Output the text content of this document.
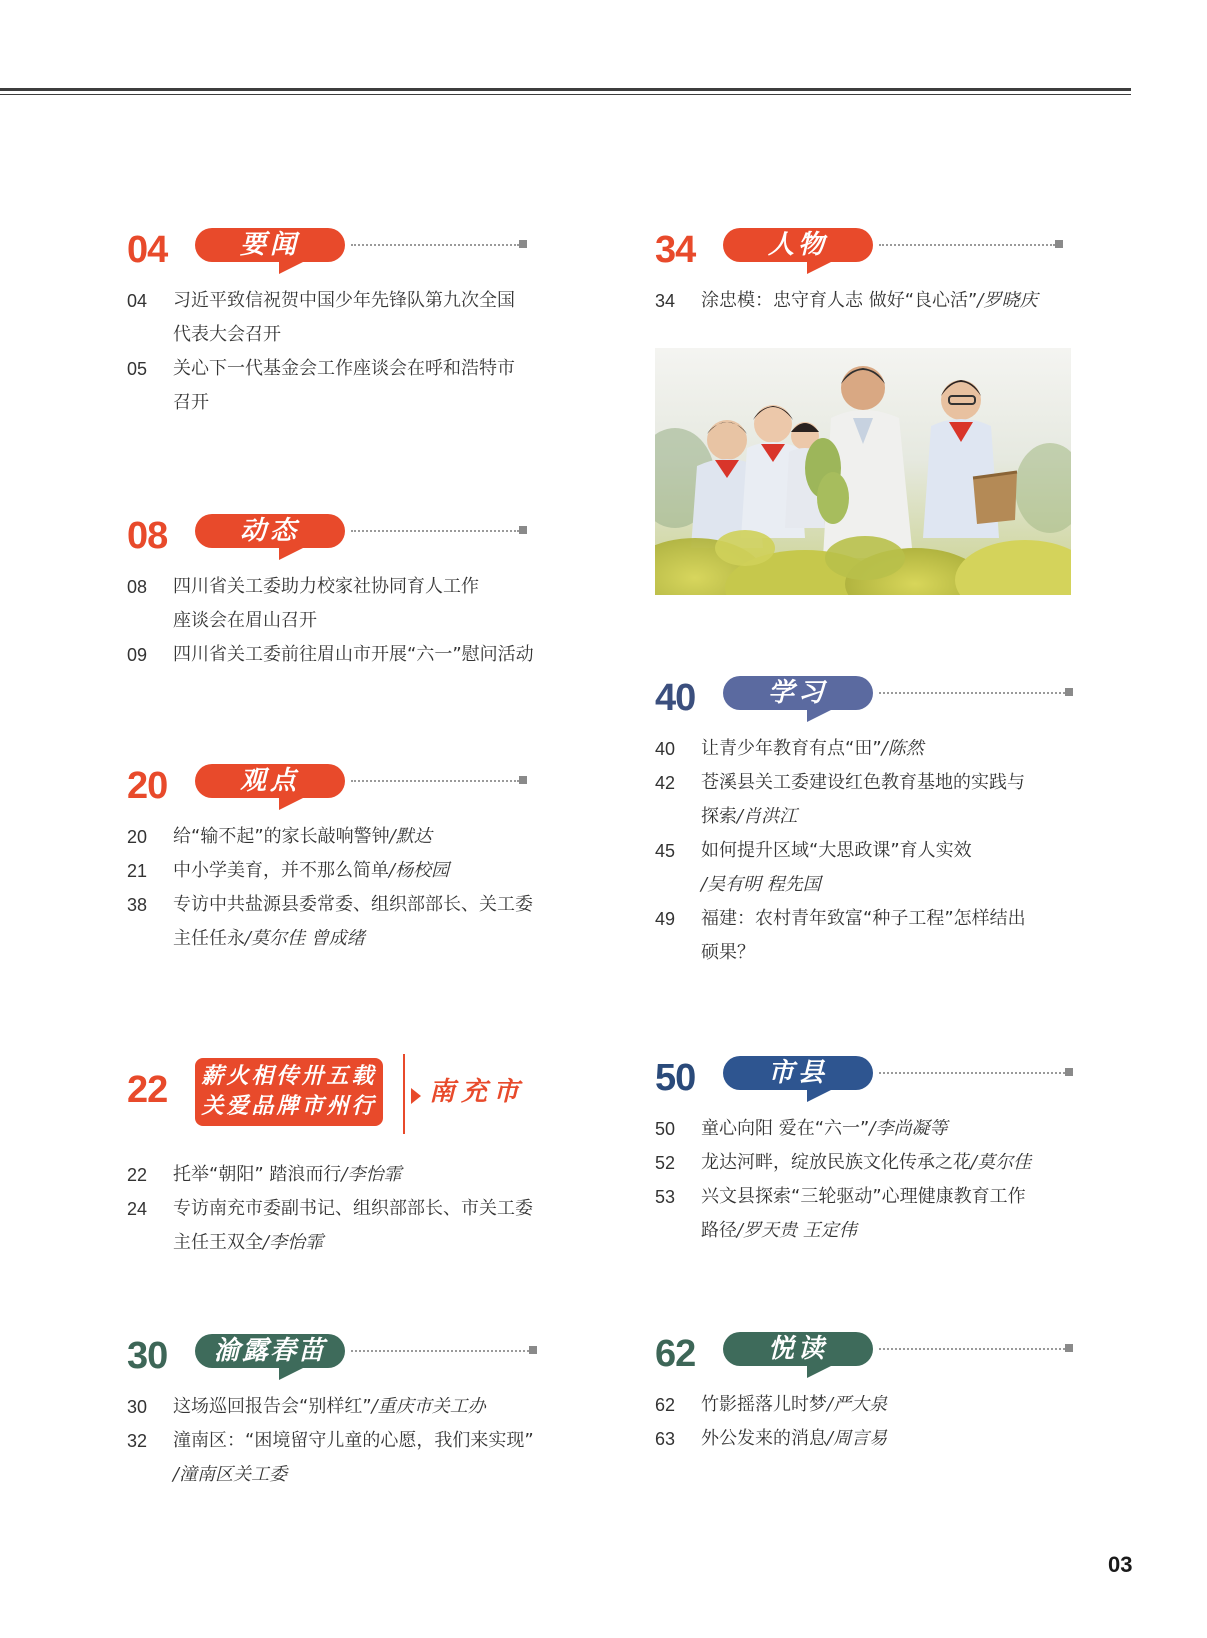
04	要闻
04	习近平致信祝贺中国少年先锋队第九次全国
代表大会召开
05	关心下一代基金会工作座谈会在呼和浩特市
召开
08	动态
08	四川省关工委助力校家社协同育人工作
座谈会在眉山召开
09	四川省关工委前往眉山市开展“六一”慰问活动
20	观点
20	给“输不起”的家长敲响警钟/默达
21	中小学美育，并不那么简单/杨校园
38	专访中共盐源县委常委、组织部部长、关工委
主任任永/莫尔佳 曾成绪
22 薪火相传卅五载
关爱品牌市州行 南充市
22	托举“朝阳” 踏浪而行/李怡霏
24	专访南充市委副书记、组织部部长、市关工委
主任王双全/李怡霏
30	渝露春苗
30	这场巡回报告会“别样红”/重庆市关工办
32	潼南区：“困境留守儿童的心愿，我们来实现”
/潼南区关工委
34	人物
34	涂忠模：忠守育人志 做好“良心活”/罗晓庆
40	学习
40	让青少年教育有点“田”/陈然
42	苍溪县关工委建设红色教育基地的实践与
探索/肖洪江
45	如何提升区域“大思政课”育人实效
/吴有明 程先国
49	福建：农村青年致富“种子工程”怎样结出
硕果？
50	市县
50	童心向阳 爱在“六一”/李尚凝等
52	龙达河畔，绽放民族文化传承之花/莫尔佳
53	兴文县探索“三轮驱动”心理健康教育工作
路径/罗天贵 王定伟
62	悦读
62	竹影摇落儿时梦/严大泉
63	外公发来的消息/周言易
03
